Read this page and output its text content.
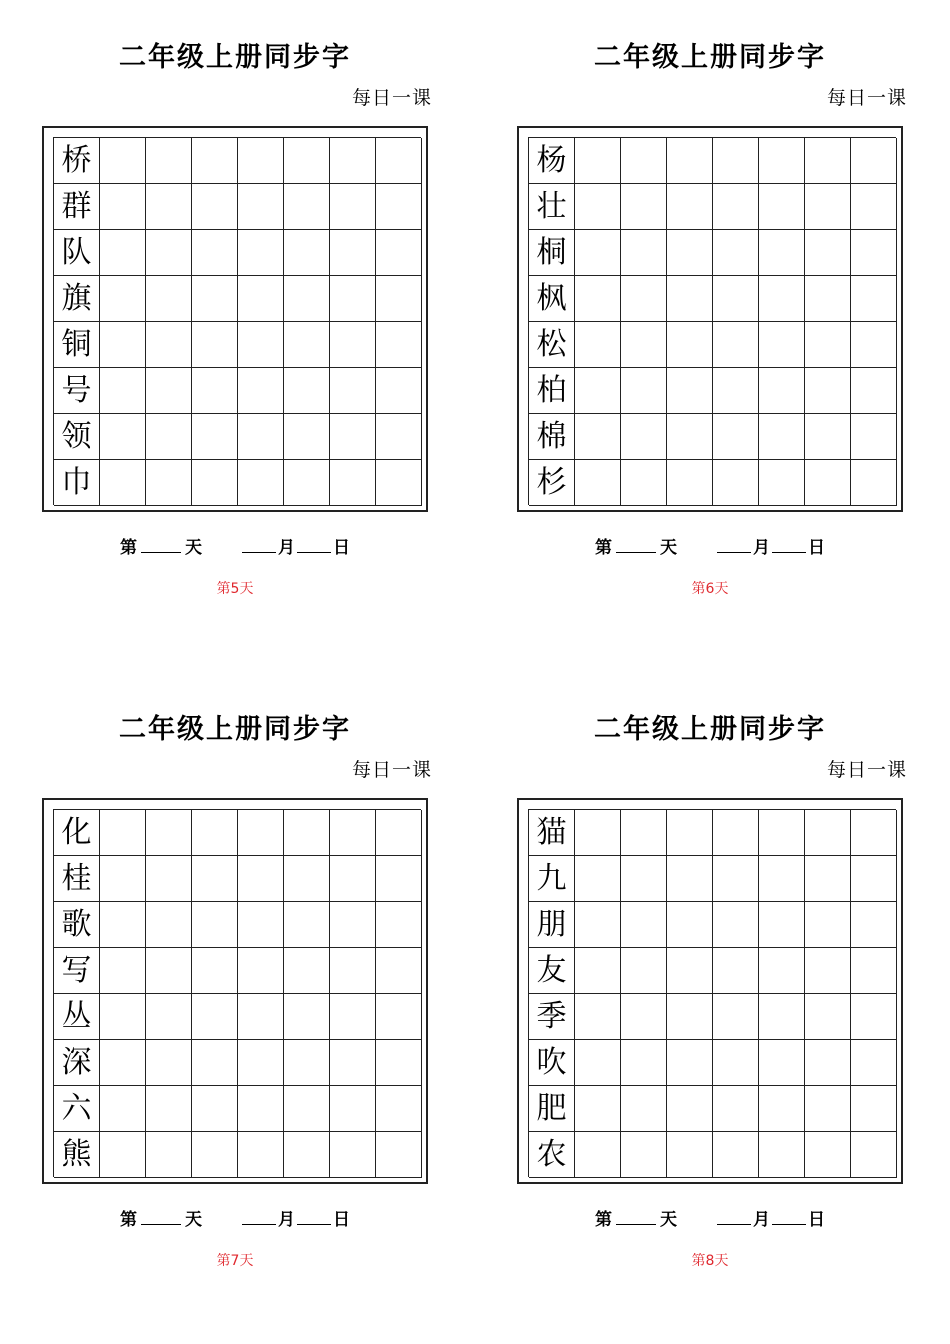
二年级上册同步字
每日一课
桥
群
队
旗
铜
号
领
巾
第	天	月 日
第5天
二年级上册同步字
每日一课
杨
壮
桐
枫
松
柏
棉
杉
第	天	月 日
第6天
二年级上册同步字
每日一课
化
桂
歌
写
丛
深
六
熊
第	天	月 日
第7天
二年级上册同步字
每日一课
猫
九
朋
友
季
吹
肥
农
第	天	月 日
第8天
